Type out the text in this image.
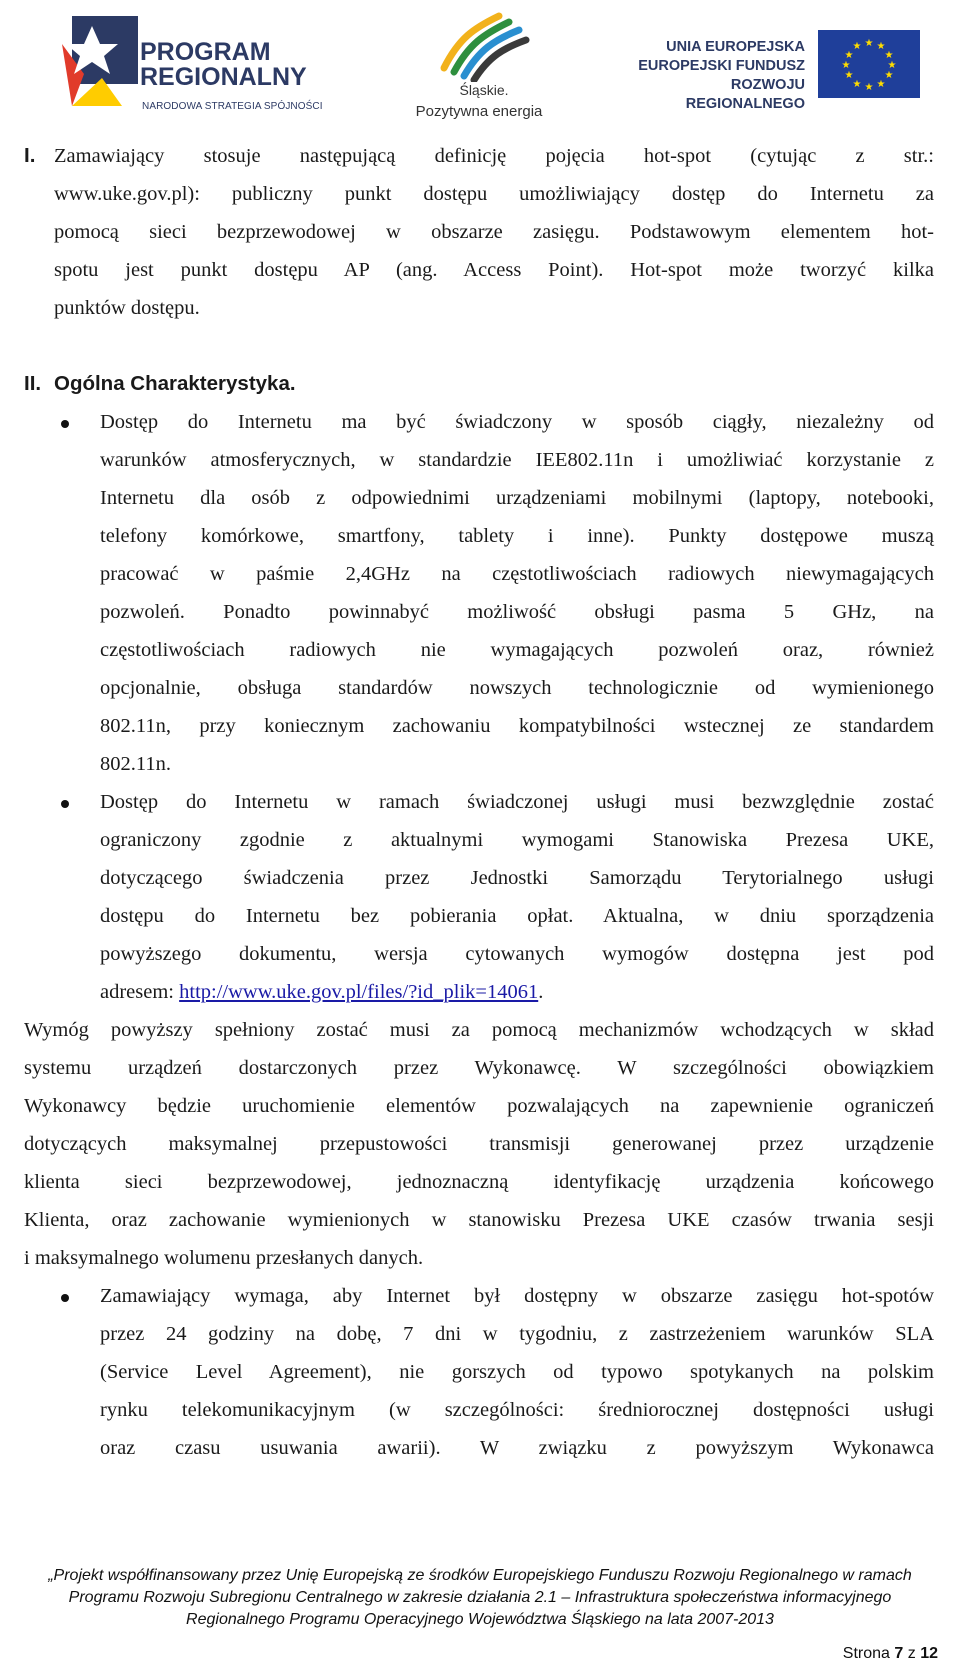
PROGRAM
REGIONALNY
NARODOWA STRATEGIA SPÓJNOŚCI
Śląskie.
Pozytywna energia
UNIA EUROPEJSKA
EUROPEJSKI FUNDUSZ
ROZWOJU REGIONALNEGO
★ ★
★
★
★
★
★
★
★
★
★
★
I. Zamawiający stosuje następującą definicję pojęcia hot-spot (cytując z str.:
www.uke.gov.pl): publiczny punkt dostępu umożliwiający dostęp do Internetu za
pomocą sieci bezprzewodowej w obszarze zasięgu. Podstawowym elementem hot-
spotu jest punkt dostępu AP (ang. Access Point). Hot-spot może tworzyć kilka
punktów dostępu.
II. Ogólna Charakterystyka.
Dostęp do Internetu ma być świadczony w sposób ciągły, niezależny od
warunków atmosferycznych, w standardzie IEE802.11n i umożliwiać korzystanie z
Internetu dla osób z odpowiednimi urządzeniami mobilnymi (laptopy, notebooki,
telefony komórkowe, smartfony, tablety i inne). Punkty dostępowe muszą
pracować w paśmie 2,4GHz na częstotliwościach radiowych niewymagających
pozwoleń. Ponadto powinnabyć możliwość obsługi pasma 5 GHz, na
częstotliwościach radiowych nie wymagających pozwoleń oraz, również
opcjonalnie, obsługa standardów nowszych technologicznie od wymienionego
802.11n, przy koniecznym zachowaniu kompatybilności wstecznej ze standardem
802.11n.
Dostęp do Internetu w ramach świadczonej usługi musi bezwzględnie zostać
ograniczony zgodnie z aktualnymi wymogami Stanowiska Prezesa UKE,
dotyczącego świadczenia przez Jednostki Samorządu Terytorialnego usługi
dostępu do Internetu bez pobierania opłat. Aktualna, w dniu sporządzenia
powyższego dokumentu, wersja cytowanych wymogów dostępna jest pod
adresem: http://www.uke.gov.pl/files/?id_plik=14061.
Wymóg powyższy spełniony zostać musi za pomocą mechanizmów wchodzących w skład
systemu urządzeń dostarczonych przez Wykonawcę. W szczególności obowiązkiem
Wykonawcy będzie uruchomienie elementów pozwalających na zapewnienie ograniczeń
dotyczących maksymalnej przepustowości transmisji generowanej przez urządzenie
klienta sieci bezprzewodowej, jednoznaczną identyfikację urządzenia końcowego
Klienta, oraz zachowanie wymienionych w stanowisku Prezesa UKE czasów trwania sesji
i maksymalnego wolumenu przesłanych danych.
Zamawiający wymaga, aby Internet był dostępny w obszarze zasięgu hot-spotów
przez 24 godziny na dobę, 7 dni w tygodniu, z zastrzeżeniem warunków SLA
(Service Level Agreement), nie gorszych od typowo spotykanych na polskim
rynku telekomunikacyjnym (w szczególności: średniorocznej dostępności usługi
oraz czasu usuwania awarii). W związku z powyższym Wykonawca
„Projekt współfinansowany przez Unię Europejską ze środków Europejskiego Funduszu Rozwoju Regionalnego w ramach
Programu Rozwoju Subregionu Centralnego w zakresie działania 2.1 – Infrastruktura społeczeństwa informacyjnego
Regionalnego Programu Operacyjnego Województwa Śląskiego na lata 2007-2013
Strona 7 z 12
